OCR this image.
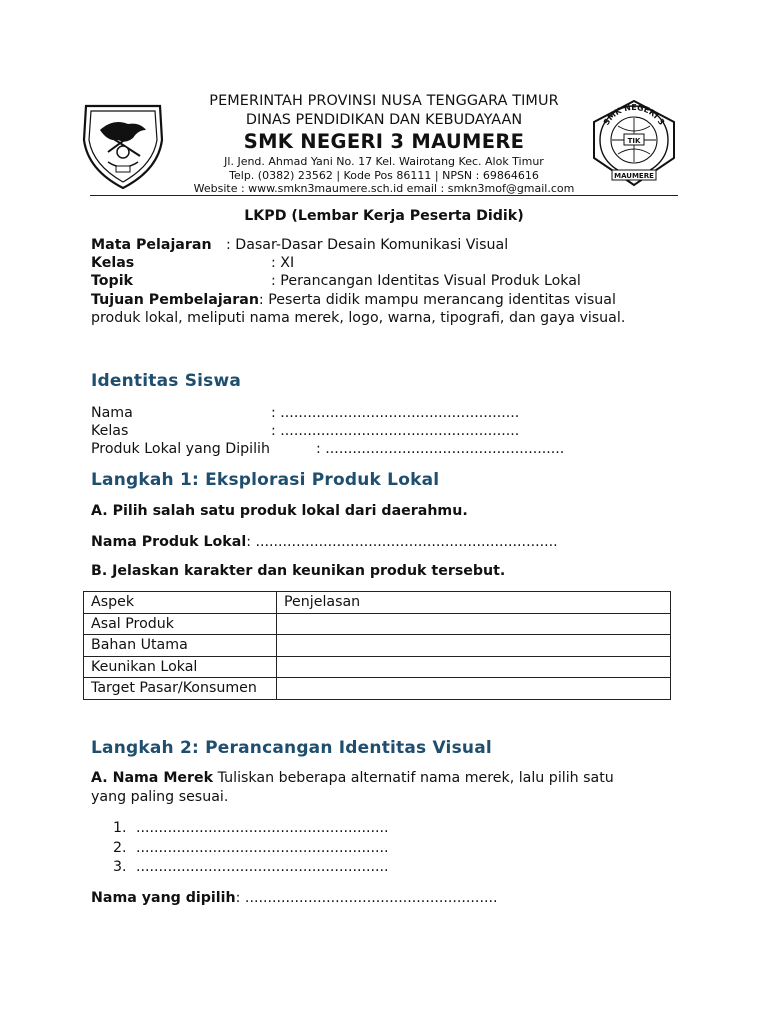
PEMERINTAH PROVINSI NUSA TENGGARA TIMUR
DINAS PENDIDIKAN DAN KEBUDAYAAN
SMK NEGERI 3 MAUMERE
Jl. Jend. Ahmad Yani No. 17 Kel. Wairotang Kec. Alok Timur
Telp. (0382) 23562 | Kode Pos 86111 | NPSN : 69864616
Website : www.smkn3maumere.sch.id email : smkn3mof@gmail.com
TIK
SMK NEGERI 3
MAUMERE
LKPD (Lembar Kerja Peserta Didik)
Mata Pelajaran : Dasar-Dasar Desain Komunikasi Visual
Kelas	: XI
Topik	: Perancangan Identitas Visual Produk Lokal
Tujuan Pembelajaran: Peserta didik mampu merancang identitas visual
produk lokal, meliputi nama merek, logo, warna, tipografi, dan gaya visual.
Identitas Siswa
Nama	: .....................................................
Kelas	: .....................................................
Produk Lokal yang Dipilih	: .....................................................
Langkah 1: Eksplorasi Produk Lokal
A. Pilih salah satu produk lokal dari daerahmu.
Nama Produk Lokal: ...................................................................
B. Jelaskan karakter dan keunikan produk tersebut.
Aspek	Penjelasan
Asal Produk	
Bahan Utama	
Keunikan Lokal	
Target Pasar/Konsumen	
Langkah 2: Perancangan Identitas Visual
A. Nama Merek Tuliskan beberapa alternatif nama merek, lalu pilih satu
yang paling sesuai.
1. ........................................................
2. ........................................................
3. ........................................................
Nama yang dipilih: ........................................................
